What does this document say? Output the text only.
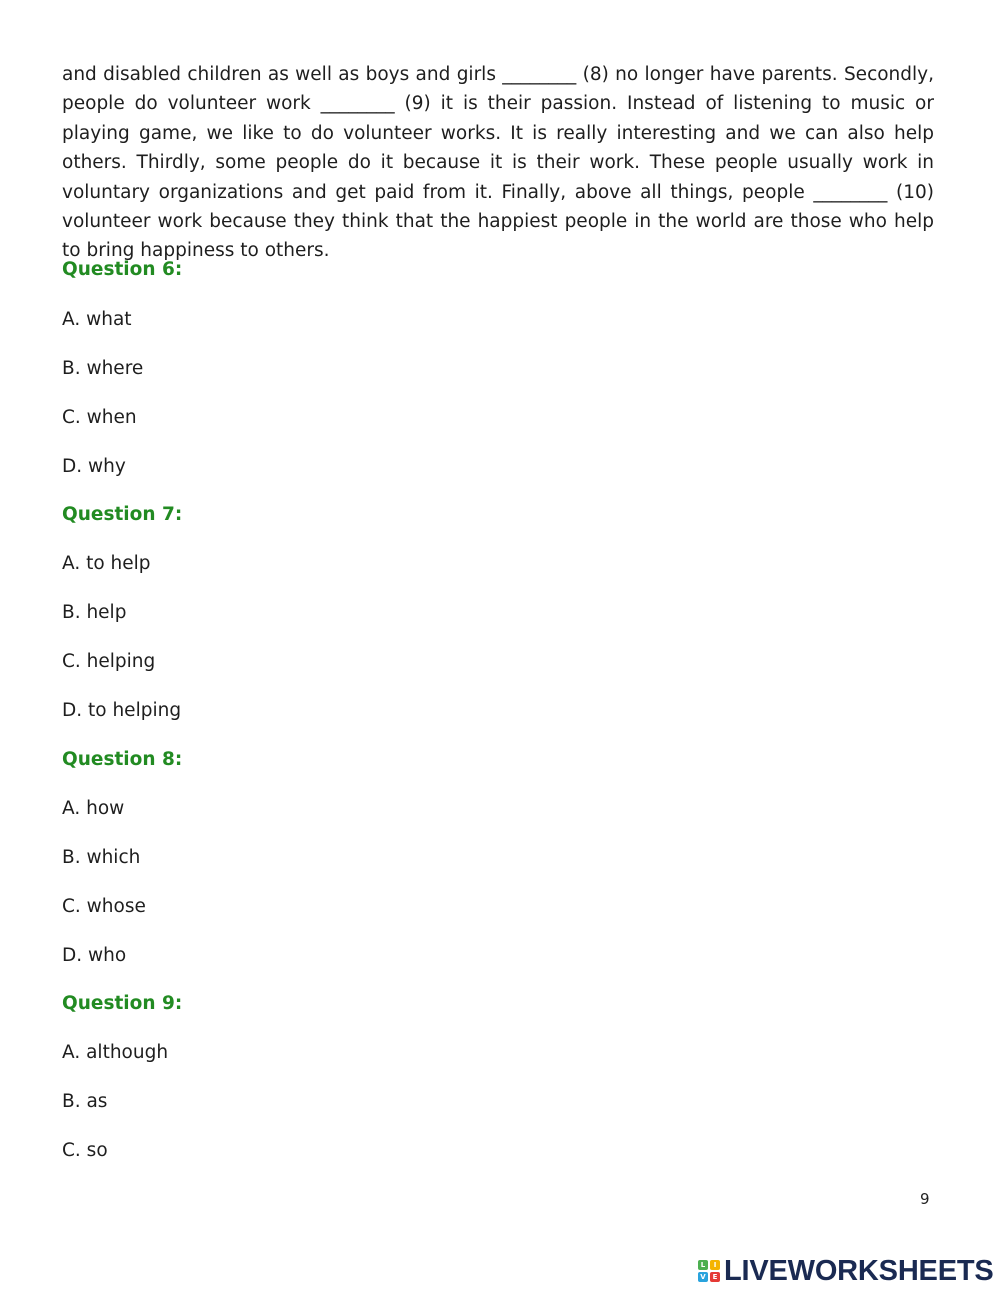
and disabled children as well as boys and girls ________ (8) no longer have parents. Secondly, people do volunteer work ________ (9) it is their passion. Instead of listening to music or playing game, we like to do volunteer works. It is really interesting and we can also help others. Thirdly, some people do it because it is their work. These people usually work in voluntary organizations and get paid from it. Finally, above all things, people ________ (10) volunteer work because they think that the happiest people in the world are those who help to bring happiness to others.

Question 6:
A. what
B. where
C. when
D. why
Question 7:
A. to help
B. help
C. helping
D. to helping
Question 8:
A. how
B. which
C. whose
D. who
Question 9:
A. although
B. as
C. so
9
L	I
V E LIVEWORKSHEETS
